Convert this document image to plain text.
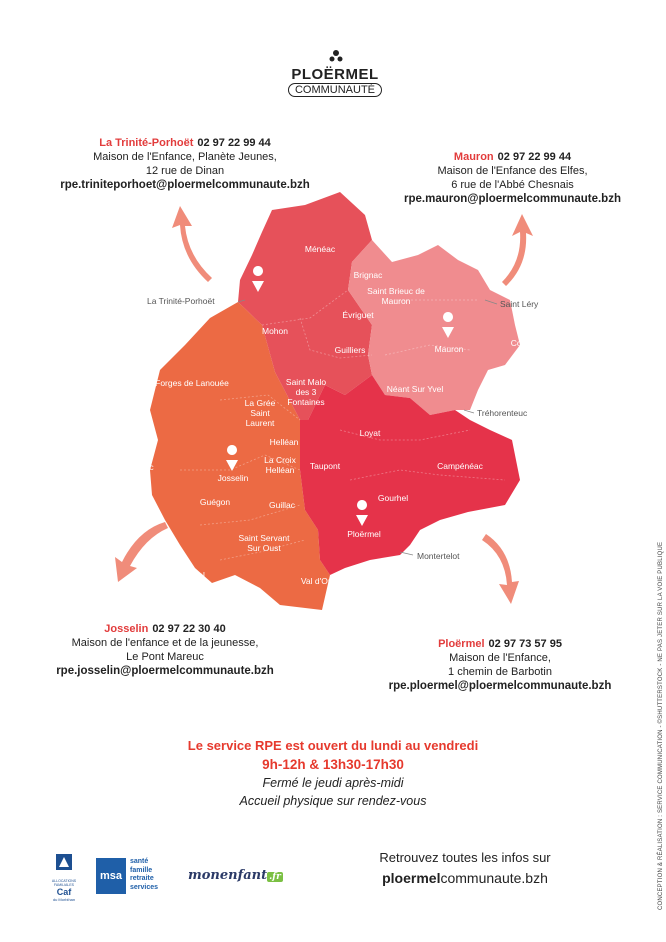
PLOËRMEL
COMMUNAUTÉ
La Trinité-Porhoët 02 97 22 99 44
Maison de l'Enfance, Planète Jeunes,
12 rue de Dinan
rpe.triniteporhoet@ploermelcommunaute.bzh
Mauron 02 97 22 99 44
Maison de l'Enfance des Elfes,
6 rue de l'Abbé Chesnais
rpe.mauron@ploermelcommunaute.bzh
Josselin 02 97 22 30 40
Maison de l'enfance et de la jeunesse,
Le Pont Mareuc
rpe.josselin@ploermelcommunaute.bzh
Ploërmel 02 97 73 57 95
Maison de l'Enfance,
1 chemin de Barbotin
rpe.ploermel@ploermelcommunaute.bzh
Ménéac
Brignac
Saint Brieuc de Mauron
Évriguet
Mohon
Guilliers	Mauron
Concoret
Forges de Lanouée	Saint Malo des 3 Fontaines
Néant Sur Yvel
La Grée Saint Laurent
Loyat
Helléan
Lantillac
La Croix Helléan
Josselin
Taupont	Campénéac
Guégon	Guillac
Gourhel
Ploërmel
Saint Servant Sur Oust
Cruguel
Val d'Oust
La Trinité-Porhoët	Saint Léry
Tréhorenteuc
Montertelot
Le service RPE est ouvert du lundi au vendredi
9h-12h & 13h30-17h30
Fermé le jeudi après-midi
Accueil physique sur rendez-vous	CONCEPTION & RÉALISATION : SERVICE COMMUNICATION - ©SHUTTERSTOCK - NE PAS JETER SUR LA VOIE PUBLIQUE
ALLOCATIONS FAMILIALES
Caf
du Morbihan
msa
santé
famille
retraite
services
monenfant .fr
Retrouvez toutes les infos sur
ploermelcommunaute.bzh
